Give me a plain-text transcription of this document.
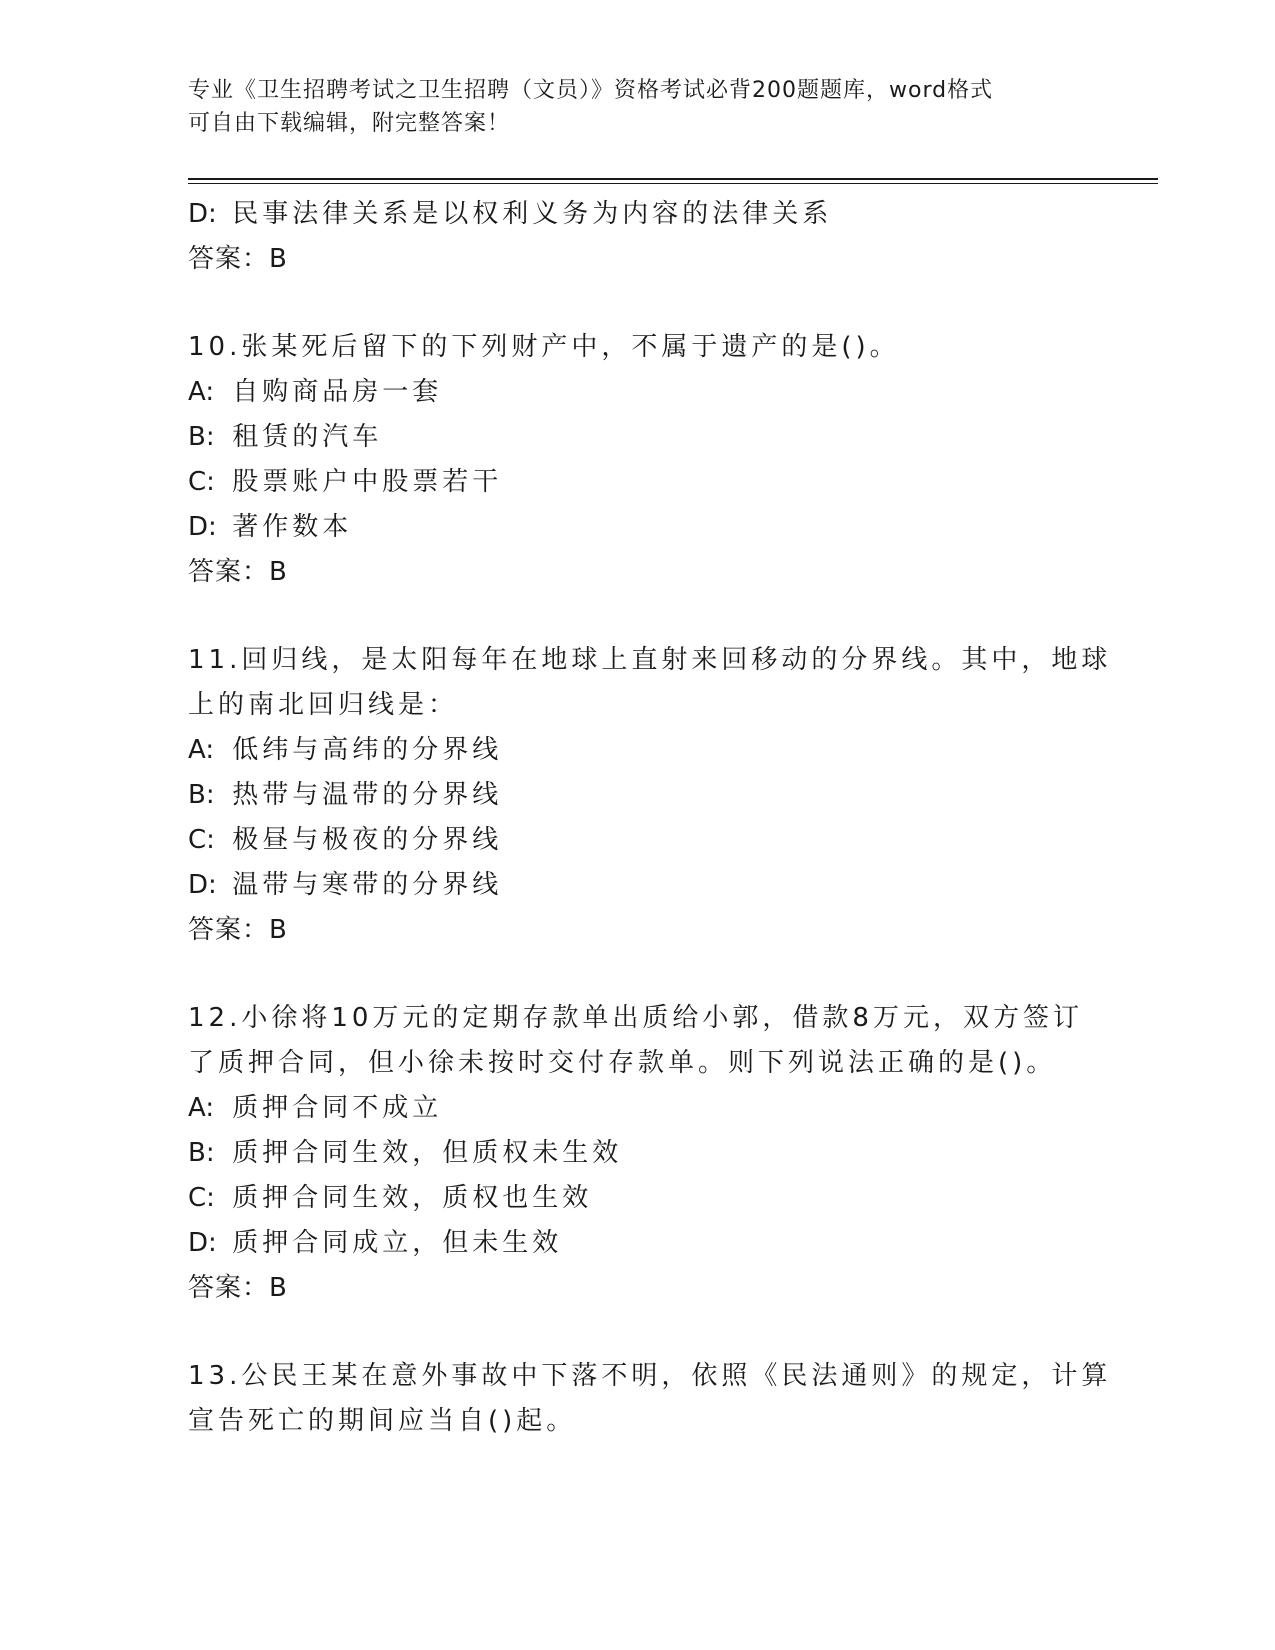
专业《卫生招聘考试之卫生招聘（文员）》资格考试必背200题题库，word格式
可自由下载编辑，附完整答案！
D: 民事法律关系是以权利义务为内容的法律关系
答案：B
10.张某死后留下的下列财产中，不属于遗产的是()。
A: 自购商品房一套
B: 租赁的汽车
C: 股票账户中股票若干
D: 著作数本
答案：B
11.回归线，是太阳每年在地球上直射来回移动的分界线。其中，地球
上的南北回归线是：
A: 低纬与高纬的分界线
B: 热带与温带的分界线
C: 极昼与极夜的分界线
D: 温带与寒带的分界线
答案：B
12.小徐将10万元的定期存款单出质给小郭，借款8万元，双方签订
了质押合同，但小徐未按时交付存款单。则下列说法正确的是()。
A: 质押合同不成立
B: 质押合同生效，但质权未生效
C: 质押合同生效，质权也生效
D: 质押合同成立，但未生效
答案：B
13.公民王某在意外事故中下落不明，依照《民法通则》的规定，计算
宣告死亡的期间应当自()起。
